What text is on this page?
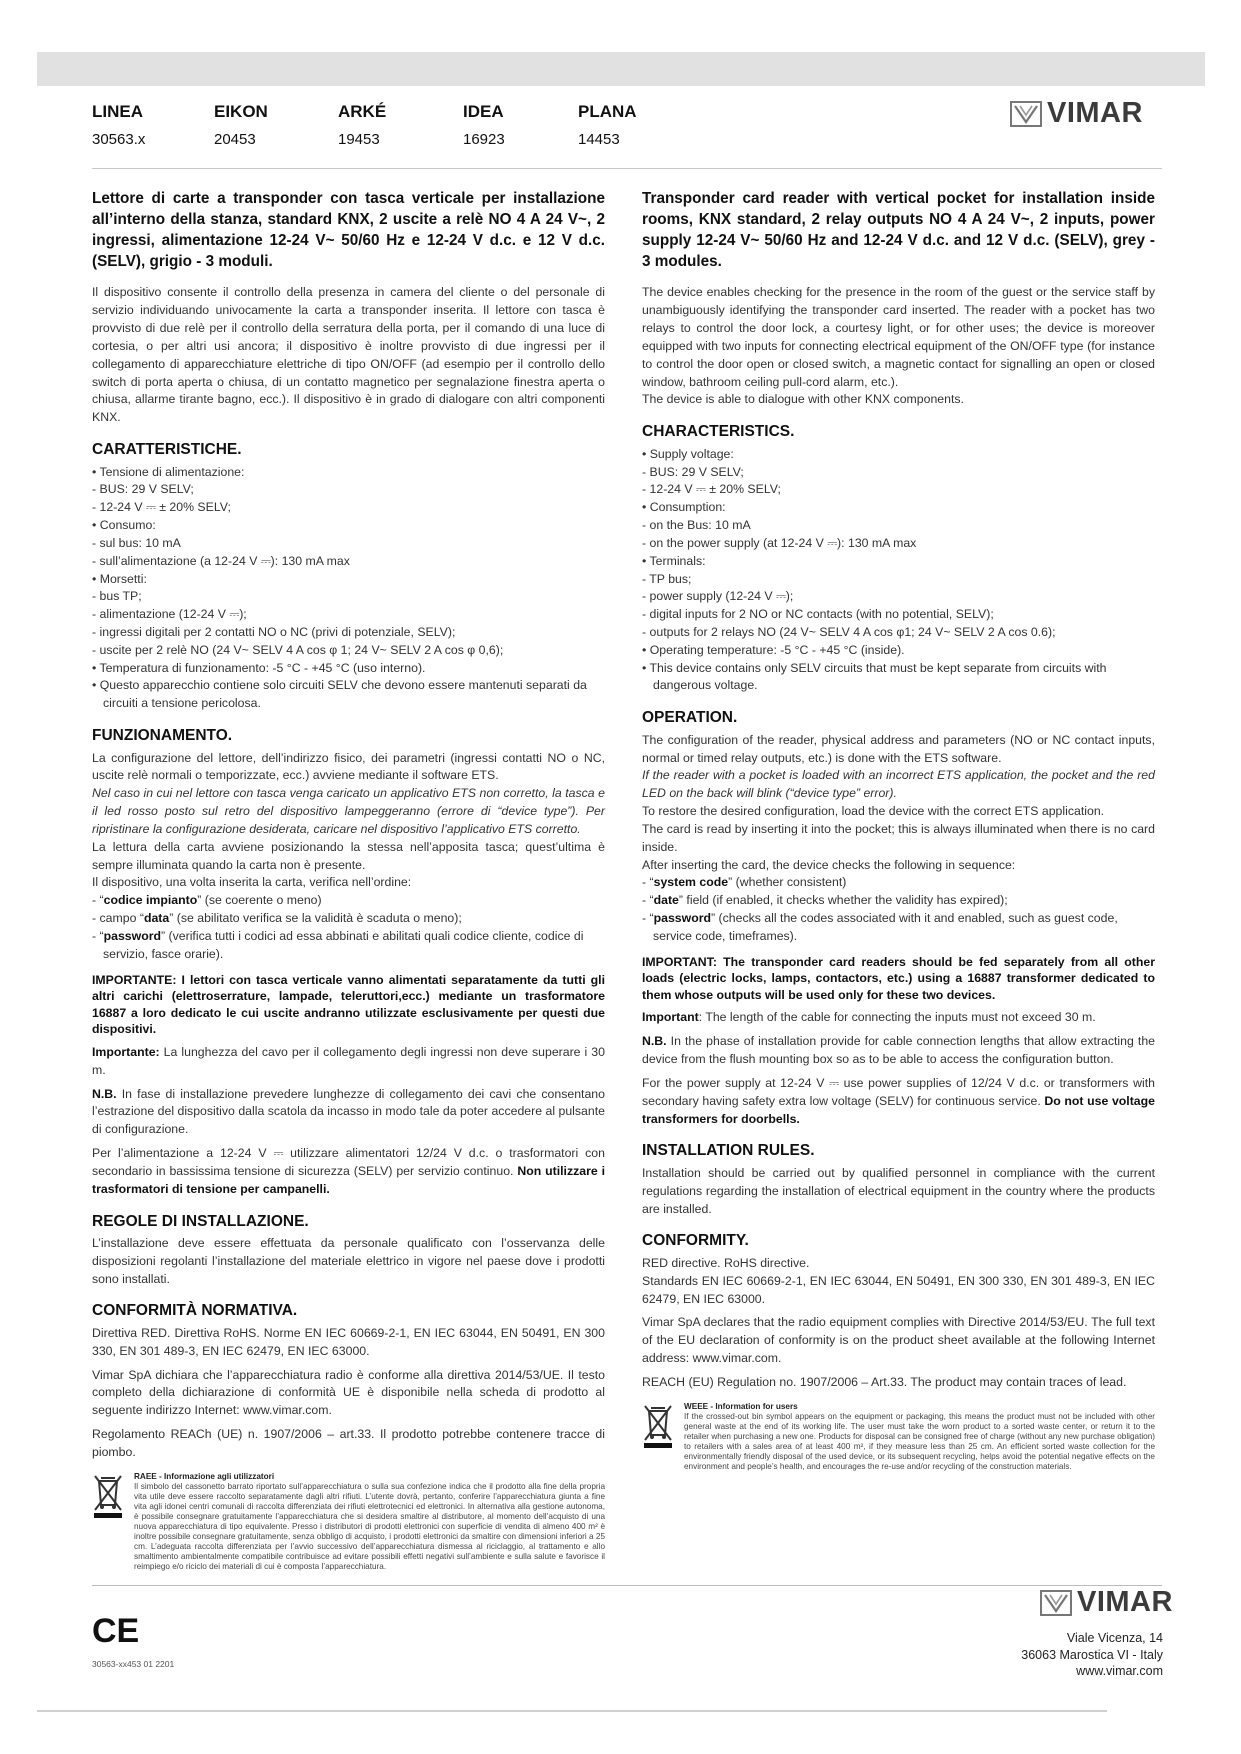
LINEA
30563.x
EIKON
20453
ARKÉ
19453
IDEA
16923
PLANA
14453
VIMAR
Lettore di carte a transponder con tasca verticale per installazione all’interno della stanza, standard KNX, 2 uscite a relè NO 4 A 24 V~, 2 ingressi, alimentazione 12-24 V~ 50/60 Hz e 12-24 V d.c. e 12 V d.c. (SELV), grigio - 3 moduli.

Il dispositivo consente il controllo della presenza in camera del cliente o del personale di servizio individuando univocamente la carta a transponder inserita. Il lettore con tasca è provvisto di due relè per il controllo della serratura della porta, per il comando di una luce di cortesia, o per altri usi ancora; il dispositivo è inoltre provvisto di due ingressi per il collegamento di apparecchiature elettriche di tipo ON/OFF (ad esempio per il controllo dello switch di porta aperta o chiusa, di un contatto magnetico per segnalazione finestra aperta o chiusa, allarme tirante bagno, ecc.). Il dispositivo è in grado di dialogare con altri componenti KNX.

CARATTERISTICHE.
• Tensione di alimentazione:
- BUS: 29 V SELV;
- 12-24 V ⎓ ± 20% SELV;
• Consumo:
- sul bus: 10 mA
- sull’alimentazione (a 12-24 V ⎓): 130 mA max
• Morsetti:
- bus TP;
- alimentazione (12-24 V ⎓);
- ingressi digitali per 2 contatti NO o NC (privi di potenziale, SELV);
- uscite per 2 relè NO (24 V~ SELV 4 A cos φ 1; 24 V~ SELV 2 A cos φ 0,6);
• Temperatura di funzionamento: -5 °C - +45 °C (uso interno).
• Questo apparecchio contiene solo circuiti SELV che devono essere mantenuti separati da circuiti a tensione pericolosa.
FUNZIONAMENTO.

La configurazione del lettore, dell’indirizzo fisico, dei parametri (ingressi contatti NO o NC, uscite relè normali o temporizzate, ecc.) avviene mediante il software ETS.

Nel caso in cui nel lettore con tasca venga caricato un applicativo ETS non corretto, la tasca e il led rosso posto sul retro del dispositivo lampeggeranno (errore di “device type”). Per ripristinare la configurazione desiderata, caricare nel dispositivo l’applicativo ETS corretto.

La lettura della carta avviene posizionando la stessa nell’apposita tasca; quest’ultima è sempre illuminata quando la carta non è presente.

Il dispositivo, una volta inserita la carta, verifica nell’ordine:

- “codice impianto” (se coerente o meno)
- campo “data” (se abilitato verifica se la validità è scaduta o meno);
- “password” (verifica tutti i codici ad essa abbinati e abilitati quali codice cliente, codice di servizio, fasce orarie).

IMPORTANTE: I lettori con tasca verticale vanno alimentati separatamente da tutti gli altri carichi (elettroserrature, lampade, teleruttori,ecc.) mediante un trasformatore 16887 a loro dedicato le cui uscite andranno utilizzate esclusivamente per questi due dispositivi.

Importante: La lunghezza del cavo per il collegamento degli ingressi non deve superare i 30 m.

N.B. In fase di installazione prevedere lunghezze di collegamento dei cavi che consentano l’estrazione del dispositivo dalla scatola da incasso in modo tale da poter accedere al pulsante di configurazione.

Per l’alimentazione a 12-24 V ⎓ utilizzare alimentatori 12/24 V d.c. o trasformatori con secondario in bassissima tensione di sicurezza (SELV) per servizio continuo. Non utilizzare i trasformatori di tensione per campanelli.

REGOLE DI INSTALLAZIONE.

L’installazione deve essere effettuata da personale qualificato con l’osservanza delle disposizioni regolanti l’installazione del materiale elettrico in vigore nel paese dove i prodotti sono installati.

CONFORMITÀ NORMATIVA.

Direttiva RED. Direttiva RoHS. Norme EN IEC 60669-2-1, EN IEC 63044, EN 50491, EN 300 330, EN 301 489-3, EN IEC 62479, EN IEC 63000.

Vimar SpA dichiara che l’apparecchiatura radio è conforme alla direttiva 2014/53/UE. Il testo completo della dichiarazione di conformità UE è disponibile nella scheda di prodotto al seguente indirizzo Internet: www.vimar.com.

Regolamento REACh (UE) n. 1907/2006 – art.33. Il prodotto potrebbe contenere tracce di piombo.

RAEE - Informazione agli utilizzatori
Il simbolo del cassonetto barrato riportato sull’apparecchiatura o sulla sua confezione indica che il prodotto alla fine della propria vita utile deve essere raccolto separatamente dagli altri rifiuti. L’utente dovrà, pertanto, conferire l’apparecchiatura giunta a fine vita agli idonei centri comunali di raccolta differenziata dei rifiuti elettrotecnici ed elettronici. In alternativa alla gestione autonoma, è possibile consegnare gratuitamente l’apparecchiatura che si desidera smaltire al distributore, al momento dell’acquisto di una nuova apparecchiatura di tipo equivalente. Presso i distributori di prodotti elettronici con superficie di vendita di almeno 400 m² è inoltre possibile consegnare gratuitamente, senza obbligo di acquisto, i prodotti elettronici da smaltire con dimensioni inferiori a 25 cm. L’adeguata raccolta differenziata per l’avvio successivo dell’apparecchiatura dismessa al riciclaggio, al trattamento e allo smaltimento ambientalmente compatibile contribuisce ad evitare possibili effetti negativi sull’ambiente e sulla salute e favorisce il reimpiego e/o riciclo dei materiali di cui è composta l’apparecchiatura.
Transponder card reader with vertical pocket for installation inside rooms, KNX standard, 2 relay outputs NO 4 A 24 V~, 2 inputs, power supply 12-24 V~ 50/60 Hz and 12-24 V d.c. and 12 V d.c. (SELV), grey - 3 modules.

The device enables checking for the presence in the room of the guest or the service staff by unambiguously identifying the transponder card inserted. The reader with a pocket has two relays to control the door lock, a courtesy light, or for other uses; the device is moreover equipped with two inputs for connecting electrical equipment of the ON/OFF type (for instance to control the door open or closed switch, a magnetic contact for signalling an open or closed window, bathroom ceiling pull-cord alarm, etc.).

The device is able to dialogue with other KNX components.

CHARACTERISTICS.
• Supply voltage:
- BUS: 29 V SELV;
- 12-24 V ⎓ ± 20% SELV;
• Consumption:
- on the Bus: 10 mA
- on the power supply (at 12-24 V ⎓): 130 mA max
• Terminals:
- TP bus;
- power supply (12-24 V ⎓);
- digital inputs for 2 NO or NC contacts (with no potential, SELV);
- outputs for 2 relays NO (24 V~ SELV 4 A cos φ1; 24 V~ SELV 2 A cos 0.6);
• Operating temperature: -5 °C - +45 °C (inside).
• This device contains only SELV circuits that must be kept separate from circuits with dangerous voltage.
OPERATION.

The configuration of the reader, physical address and parameters (NO or NC contact inputs, normal or timed relay outputs, etc.) is done with the ETS software.

If the reader with a pocket is loaded with an incorrect ETS application, the pocket and the red LED on the back will blink (“device type” error).

To restore the desired configuration, load the device with the correct ETS application.

The card is read by inserting it into the pocket; this is always illuminated when there is no card inside.

After inserting the card, the device checks the following in sequence:

- “system code” (whether consistent)
- “date” field (if enabled, it checks whether the validity has expired);
- “password” (checks all the codes associated with it and enabled, such as guest code, service code, timeframes).

IMPORTANT: The transponder card readers should be fed separately from all other loads (electric locks, lamps, contactors, etc.) using a 16887 transformer dedicated to them whose outputs will be used only for these two devices.

Important: The length of the cable for connecting the inputs must not exceed 30 m.

N.B. In the phase of installation provide for cable connection lengths that allow extracting the device from the flush mounting box so as to be able to access the configuration button.

For the power supply at 12-24 V ⎓ use power supplies of 12/24 V d.c. or transformers with secondary having safety extra low voltage (SELV) for continuous service. Do not use voltage transformers for doorbells.

INSTALLATION RULES.

Installation should be carried out by qualified personnel in compliance with the current regulations regarding the installation of electrical equipment in the country where the products are installed.

CONFORMITY.

RED directive. RoHS directive.

Standards EN IEC 60669-2-1, EN IEC 63044, EN 50491, EN 300 330, EN 301 489-3, EN IEC 62479, EN IEC 63000.

Vimar SpA declares that the radio equipment complies with Directive 2014/53/EU. The full text of the EU declaration of conformity is on the product sheet available at the following Internet address: www.vimar.com.

REACH (EU) Regulation no. 1907/2006 – Art.33. The product may contain traces of lead.

WEEE - Information for users
If the crossed-out bin symbol appears on the equipment or packaging, this means the product must not be included with other general waste at the end of its working life. The user must take the worn product to a sorted waste center, or return it to the retailer when purchasing a new one. Products for disposal can be consigned free of charge (without any new purchase obligation) to retailers with a sales area of at least 400 m², if they measure less than 25 cm. An efficient sorted waste collection for the environmentally friendly disposal of the used device, or its subsequent recycling, helps avoid the potential negative effects on the environment and people’s health, and encourages the re-use and/or recycling of the construction materials.
CE
30563-xx453 01 2201
VIMAR
Viale Vicenza, 14
36063 Marostica VI - Italy
www.vimar.com
